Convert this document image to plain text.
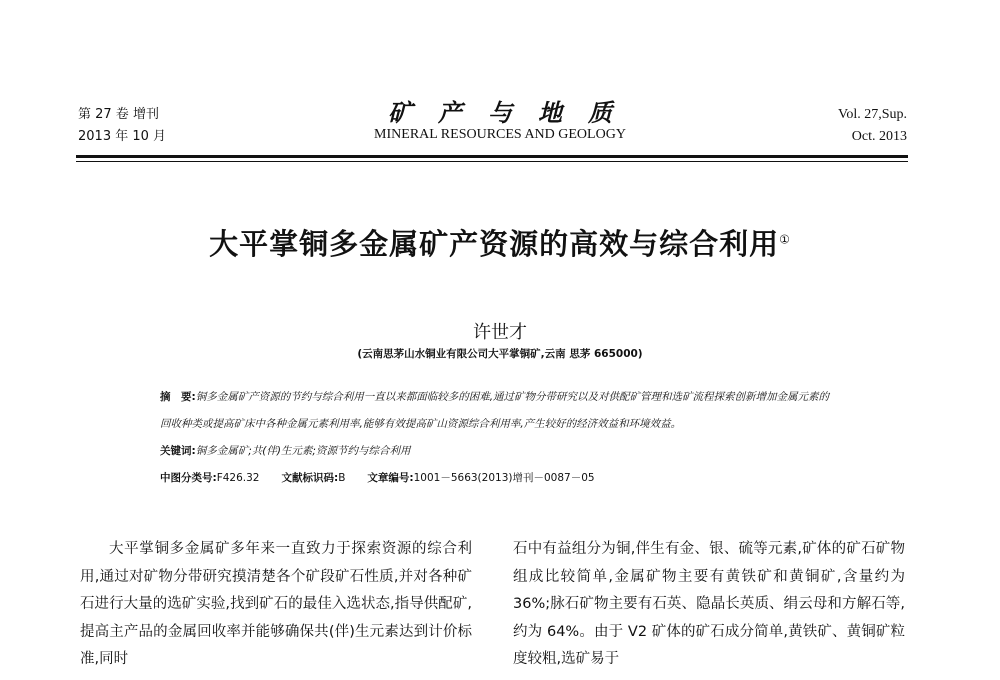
第 27 卷 增刊
2013 年 10 月
矿产与地质
MINERAL RESOURCES AND GEOLOGY
Vol. 27,Sup.
Oct. 2013
大平掌铜多金属矿产资源的高效与综合利用①
许世才
(云南思茅山水铜业有限公司大平掌铜矿,云南 思茅 665000)
摘　要:铜多金属矿产资源的节约与综合利用一直以来都面临较多的困难,通过矿物分带研究以及对供配矿管理和选矿流程探索创新增加金属元素的回收种类或提高矿床中各种金属元素利用率,能够有效提高矿山资源综合利用率,产生较好的经济效益和环境效益。
关键词:铜多金属矿;共(伴)生元素;资源节约与综合利用
中图分类号:F426.32 文献标识码:B 文章编号:1001－5663(2013)增刊－0087－05

大平掌铜多金属矿多年来一直致力于探索资源的综合利用,通过对矿物分带研究摸清楚各个矿段矿石性质,并对各种矿石进行大量的选矿实验,找到矿石的最佳入选状态,指导供配矿,提高主产品的金属回收率并能够确保共(伴)生元素达到计价标准,同时

石中有益组分为铜,伴生有金、银、硫等元素,矿体的矿石矿物组成比较简单,金属矿物主要有黄铁矿和黄铜矿,含量约为 36%;脉石矿物主要有石英、隐晶长英质、绢云母和方解石等,约为 64%。由于 V2 矿体的矿石成分简单,黄铁矿、黄铜矿粒度较粗,选矿易于
